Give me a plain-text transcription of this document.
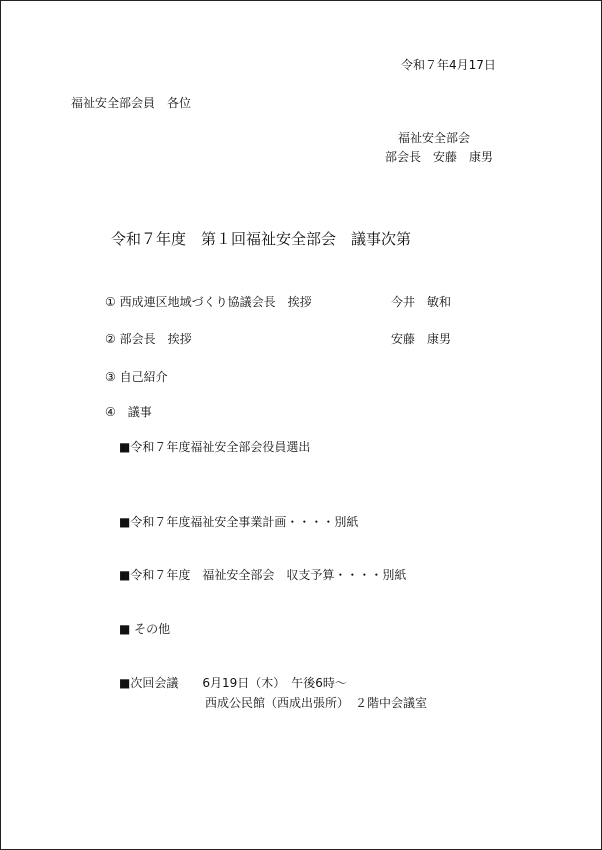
令和７年4月17日
福祉安全部会員　各位
福祉安全部会
部会長　安藤　康男
令和７年度　第１回福祉安全部会　議事次第
① 西成連区地域づくり協議会長　挨拶	今井　敏和
② 部会長　挨拶	安藤　康男
③ 自己紹介
④　議事
■令和７年度福祉安全部会役員選出
■令和７年度福祉安全事業計画・・・・別紙
■令和７年度　福祉安全部会　収支予算・・・・別紙
■ その他
■次回会議　　6月19日（木）　午後6時～
西成公民館（西成出張所）　２階中会議室
